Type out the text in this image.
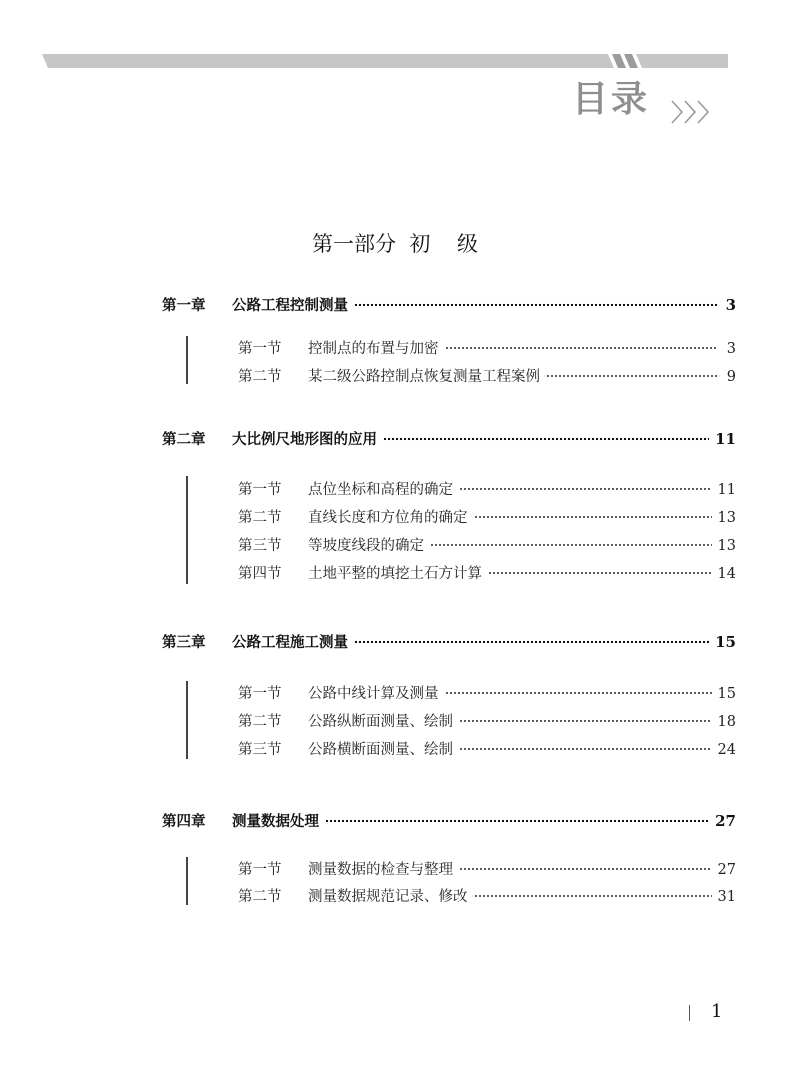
目录
第一部分  初    级
第一章	公路工程控制测量	3
第一节	控制点的布置与加密	3
第二节	某二级公路控制点恢复测量工程案例	9
第二章	大比例尺地形图的应用	11
第一节	点位坐标和高程的确定	11
第二节	直线长度和方位角的确定	13
第三节	等坡度线段的确定	13
第四节	土地平整的填挖土石方计算	14
第三章	公路工程施工测量	15
第一节	公路中线计算及测量	15
第二节	公路纵断面测量、绘制	18
第三节	公路横断面测量、绘制	24
第四章	测量数据处理	27
第一节	测量数据的检查与整理	27
第二节	测量数据规范记录、修改	31
1
